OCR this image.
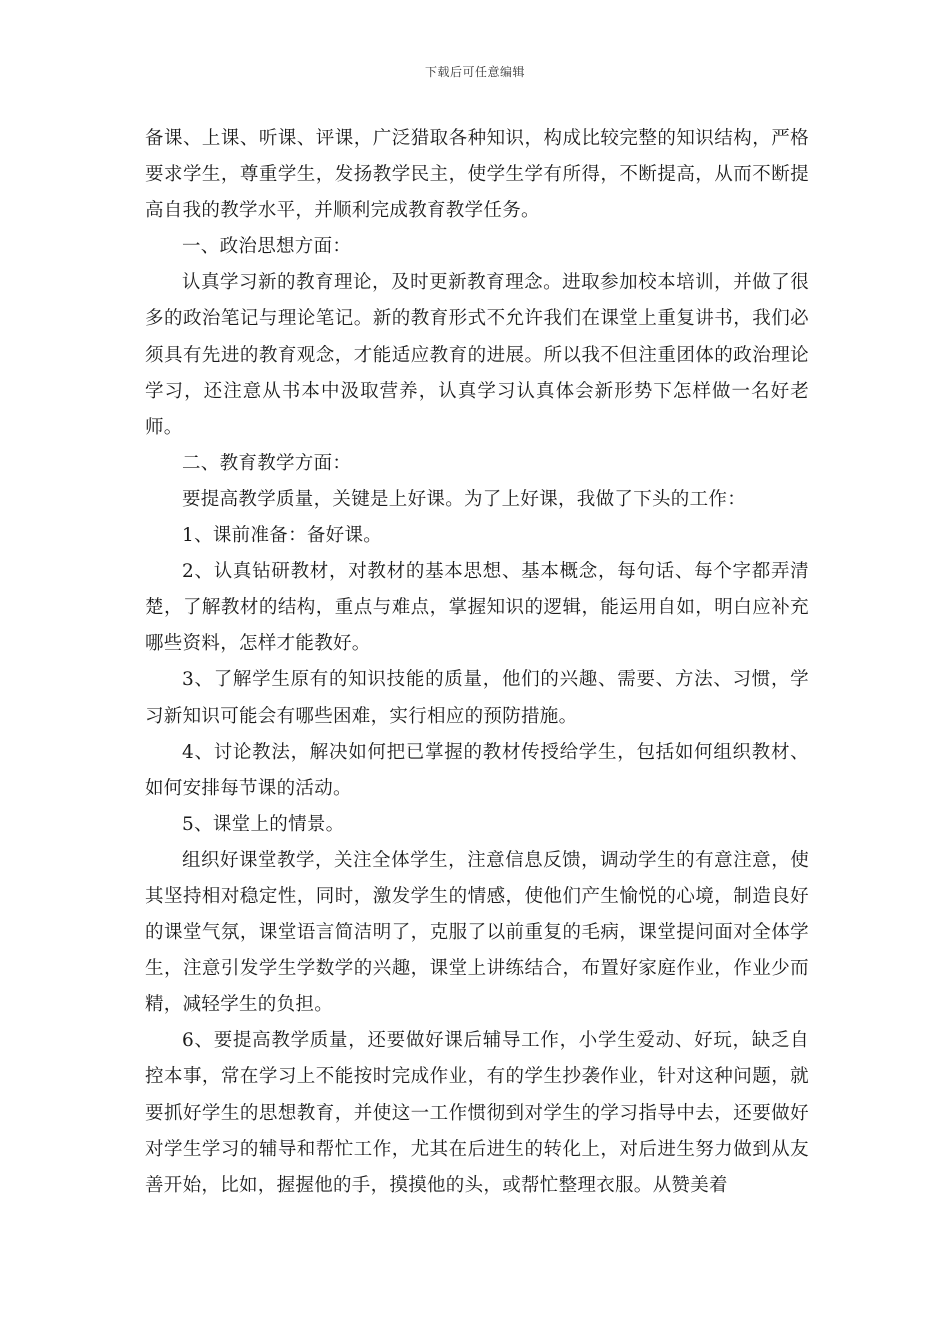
下载后可任意编辑

备课、上课、听课、评课，广泛猎取各种知识，构成比较完整的知识结构，严格要求学生，尊重学生，发扬教学民主，使学生学有所得，不断提高，从而不断提高自我的教学水平，并顺利完成教育教学任务。

一、政治思想方面：

认真学习新的教育理论，及时更新教育理念。进取参加校本培训，并做了很多的政治笔记与理论笔记。新的教育形式不允许我们在课堂上重复讲书，我们必须具有先进的教育观念，才能适应教育的进展。所以我不但注重团体的政治理论学习，还注意从书本中汲取营养，认真学习认真体会新形势下怎样做一名好老师。

二、教育教学方面：

要提高教学质量，关键是上好课。为了上好课，我做了下头的工作：

1、课前准备：备好课。

2、认真钻研教材，对教材的基本思想、基本概念，每句话、每个字都弄清楚，了解教材的结构，重点与难点，掌握知识的逻辑，能运用自如，明白应补充哪些资料，怎样才能教好。

3、了解学生原有的知识技能的质量，他们的兴趣、需要、方法、习惯，学习新知识可能会有哪些困难，实行相应的预防措施。

4、讨论教法，解决如何把已掌握的教材传授给学生，包括如何组织教材、如何安排每节课的活动。

5、课堂上的情景。

组织好课堂教学，关注全体学生，注意信息反馈，调动学生的有意注意，使其坚持相对稳定性，同时，激发学生的情感，使他们产生愉悦的心境，制造良好的课堂气氛，课堂语言简洁明了，克服了以前重复的毛病，课堂提问面对全体学生，注意引发学生学数学的兴趣，课堂上讲练结合，布置好家庭作业，作业少而精，减轻学生的负担。

6、要提高教学质量，还要做好课后辅导工作，小学生爱动、好玩，缺乏自控本事，常在学习上不能按时完成作业，有的学生抄袭作业，针对这种问题，就要抓好学生的思想教育，并使这一工作惯彻到对学生的学习指导中去，还要做好对学生学习的辅导和帮忙工作，尤其在后进生的转化上，对后进生努力做到从友善开始，比如，握握他的手，摸摸他的头，或帮忙整理衣服。从赞美着
